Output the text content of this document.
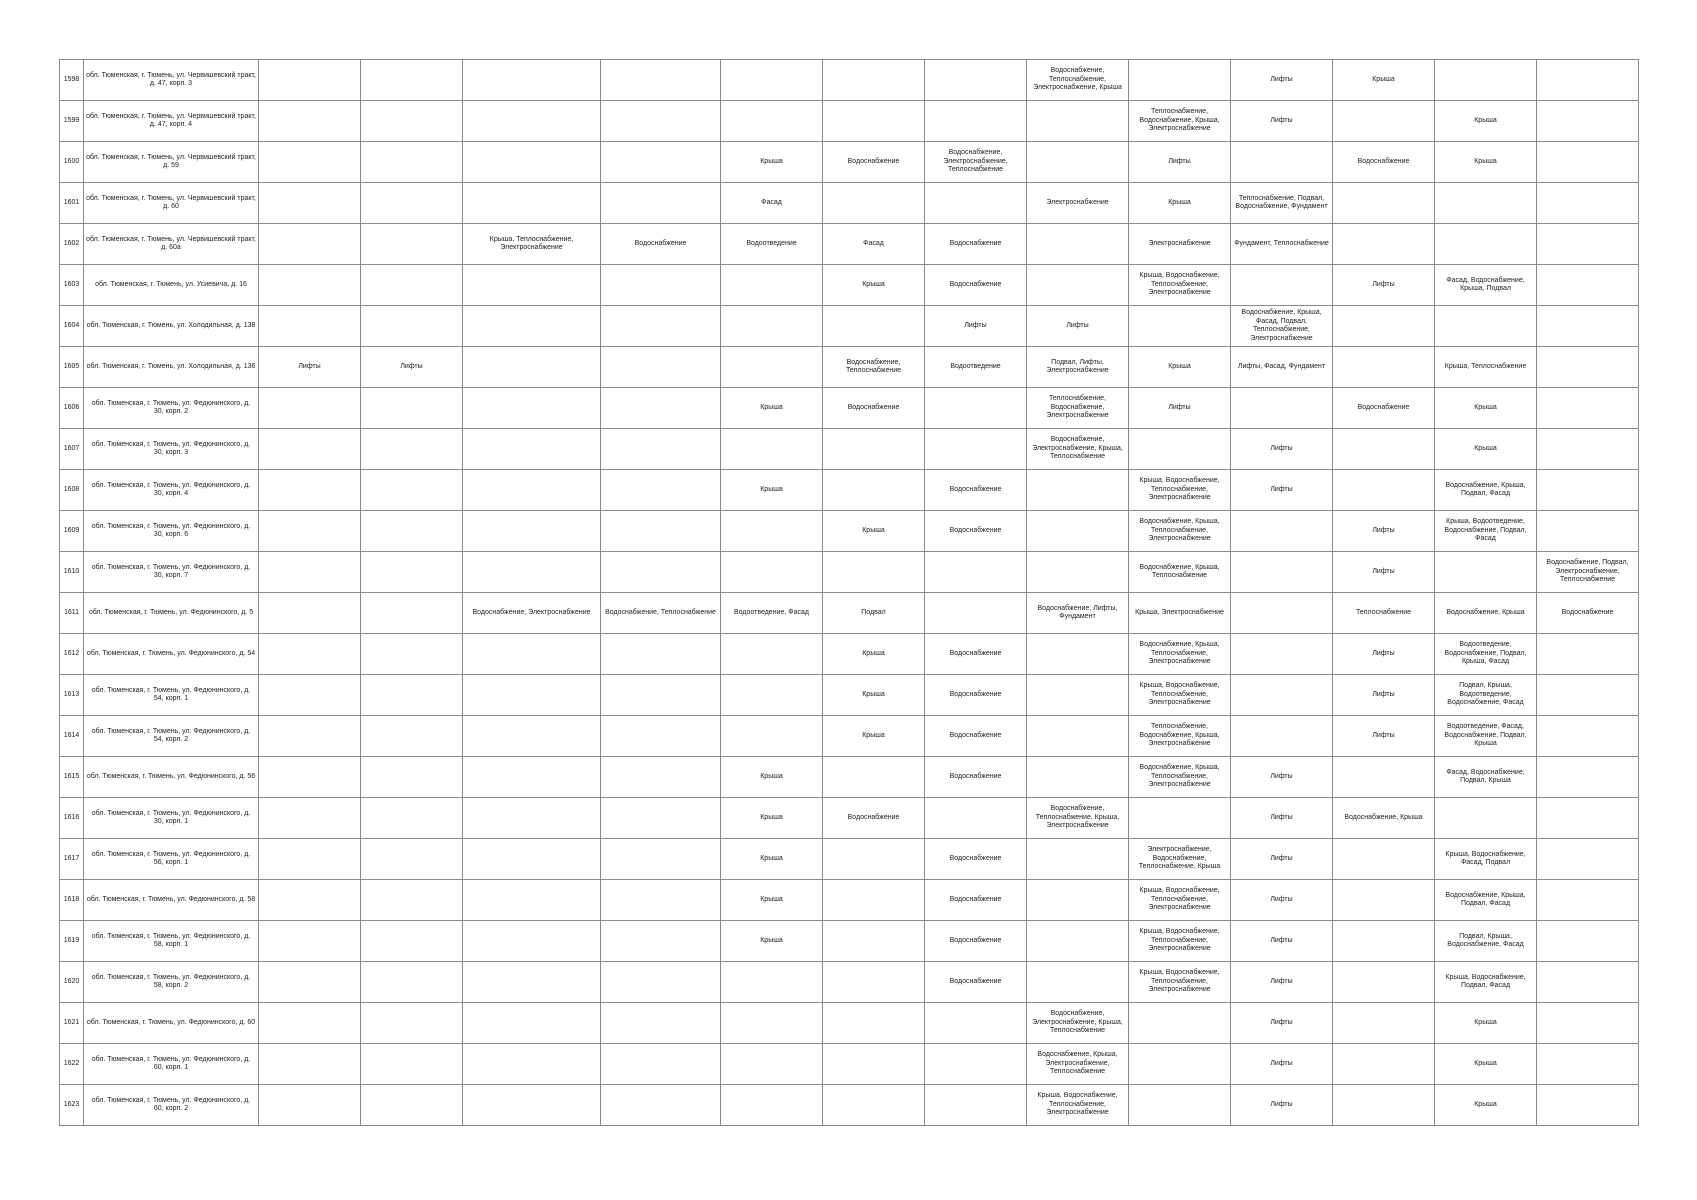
1598	обл. Тюменская, г. Тюмень, ул. Червишевский тракт, д. 47, корп. 3								Водоснабжение, Теплоснабжение, Электроснабжение, Крыша		Лифты	Крыша		
1599	обл. Тюменская, г. Тюмень, ул. Червишевский тракт, д. 47, корп. 4									Теплоснабжение, Водоснабжение, Крыша, Электроснабжение	Лифты		Крыша	
1600	обл. Тюменская, г. Тюмень, ул. Червишевский тракт, д. 59					Крыша	Водоснабжение	Водоснабжение, Электроснабжение, Теплоснабжение		Лифты		Водоснабжение	Крыша	
1601	обл. Тюменская, г. Тюмень, ул. Червишевский тракт, д. 60					Фасад			Электроснабжение	Крыша	Теплоснабжение, Подвал, Водоснабжение, Фундамент			
1602	обл. Тюменская, г. Тюмень, ул. Червишевский тракт, д. 60а			Крыша, Теплоснабжение, Электроснабжение	Водоснабжение	Водоотведение	Фасад	Водоснабжение		Электроснабжение	Фундамент, Теплоснабжение			
1603	обл. Тюменская, г. Тюмень, ул. Усиевича, д. 16						Крыша	Водоснабжение		Крыша, Водоснабжение, Теплоснабжение, Электроснабжение		Лифты	Фасад, Водоснабжение, Крыша, Подвал	
1604	обл. Тюменская, г. Тюмень, ул. Холодильная, д. 138							Лифты	Лифты		Водоснабжение, Крыша, Фасад, Подвал, Теплоснабжение, Электроснабжение			
1605	обл. Тюменская, г. Тюмень, ул. Холодильная, д. 136	Лифты	Лифты				Водоснабжение, Теплоснабжение	Водоотведение	Подвал, Лифты, Электроснабжение	Крыша	Лифты, Фасад, Фундамент		Крыша, Теплоснабжение	
1606	обл. Тюменская, г. Тюмень, ул. Федюнинского, д. 30, корп. 2					Крыша	Водоснабжение		Теплоснабжение, Водоснабжение, Электроснабжение	Лифты		Водоснабжение	Крыша	
1607	обл. Тюменская, г. Тюмень, ул. Федюнинского, д. 30, корп. 3								Водоснабжение, Электроснабжение, Крыша, Теплоснабжение		Лифты		Крыша	
1608	обл. Тюменская, г. Тюмень, ул. Федюнинского, д. 30, корп. 4					Крыша		Водоснабжение		Крыша, Водоснабжение, Теплоснабжение, Электроснабжение	Лифты		Водоснабжение, Крыша, Подвал, Фасад	
1609	обл. Тюменская, г. Тюмень, ул. Федюнинского, д. 30, корп. 6						Крыша	Водоснабжение		Водоснабжение, Крыша, Теплоснабжение, Электроснабжение		Лифты	Крыша, Водоотведение, Водоснабжение, Подвал, Фасад	
1610	обл. Тюменская, г. Тюмень, ул. Федюнинского, д. 30, корп. 7									Водоснабжение, Крыша, Теплоснабжение		Лифты		Водоснабжение, Подвал, Электроснабжение, Теплоснабжение
1611	обл. Тюменская, г. Тюмень, ул. Федюнинского, д. 5			Водоснабжение, Электроснабжение	Водоснабжение, Теплоснабжение	Водоотведение, Фасад	Подвал		Водоснабжение, Лифты, Фундамент	Крыша, Электроснабжение		Теплоснабжение	Водоснабжение, Крыша	Водоснабжение
1612	обл. Тюменская, г. Тюмень, ул. Федюнинского, д. 54						Крыша	Водоснабжение		Водоснабжение, Крыша, Теплоснабжение, Электроснабжение		Лифты	Водоотведение, Водоснабжение, Подвал, Крыша, Фасад	
1613	обл. Тюменская, г. Тюмень, ул. Федюнинского, д. 54, корп. 1						Крыша	Водоснабжение		Крыша, Водоснабжение, Теплоснабжение, Электроснабжение		Лифты	Подвал, Крыша, Водоотведение, Водоснабжение, Фасад	
1614	обл. Тюменская, г. Тюмень, ул. Федюнинского, д. 54, корп. 2						Крыша	Водоснабжение		Теплоснабжение, Водоснабжение, Крыша, Электроснабжение		Лифты	Водоотведение, Фасад, Водоснабжение, Подвал, Крыша	
1615	обл. Тюменская, г. Тюмень, ул. Федюнинского, д. 56					Крыша		Водоснабжение		Водоснабжение, Крыша, Теплоснабжение, Электроснабжение	Лифты		Фасад, Водоснабжение, Подвал, Крыша	
1616	обл. Тюменская, г. Тюмень, ул. Федюнинского, д. 30, корп. 1					Крыша	Водоснабжение		Водоснабжение, Теплоснабжение, Крыша, Электроснабжение		Лифты	Водоснабжение, Крыша		
1617	обл. Тюменская, г. Тюмень, ул. Федюнинского, д. 56, корп. 1					Крыша		Водоснабжение		Электроснабжение, Водоснабжение, Теплоснабжение, Крыша	Лифты		Крыша, Водоснабжение, Фасад, Подвал	
1618	обл. Тюменская, г. Тюмень, ул. Федюнинского, д. 58					Крыша		Водоснабжение		Крыша, Водоснабжение, Теплоснабжение, Электроснабжение	Лифты		Водоснабжение, Крыша, Подвал, Фасад	
1619	обл. Тюменская, г. Тюмень, ул. Федюнинского, д. 58, корп. 1					Крыша		Водоснабжение		Крыша, Водоснабжение, Теплоснабжение, Электроснабжение	Лифты		Подвал, Крыша, Водоснабжение, Фасад	
1620	обл. Тюменская, г. Тюмень, ул. Федюнинского, д. 58, корп. 2							Водоснабжение		Крыша, Водоснабжение, Теплоснабжение, Электроснабжение	Лифты		Крыша, Водоснабжение, Подвал, Фасад	
1621	обл. Тюменская, г. Тюмень, ул. Федюнинского, д. 60								Водоснабжение, Электроснабжение, Крыша, Теплоснабжение		Лифты		Крыша	
1622	обл. Тюменская, г. Тюмень, ул. Федюнинского, д. 60, корп. 1								Водоснабжение, Крыша, Электроснабжение, Теплоснабжение		Лифты		Крыша	
1623	обл. Тюменская, г. Тюмень, ул. Федюнинского, д. 60, корп. 2								Крыша, Водоснабжение, Теплоснабжение, Электроснабжение		Лифты		Крыша	
